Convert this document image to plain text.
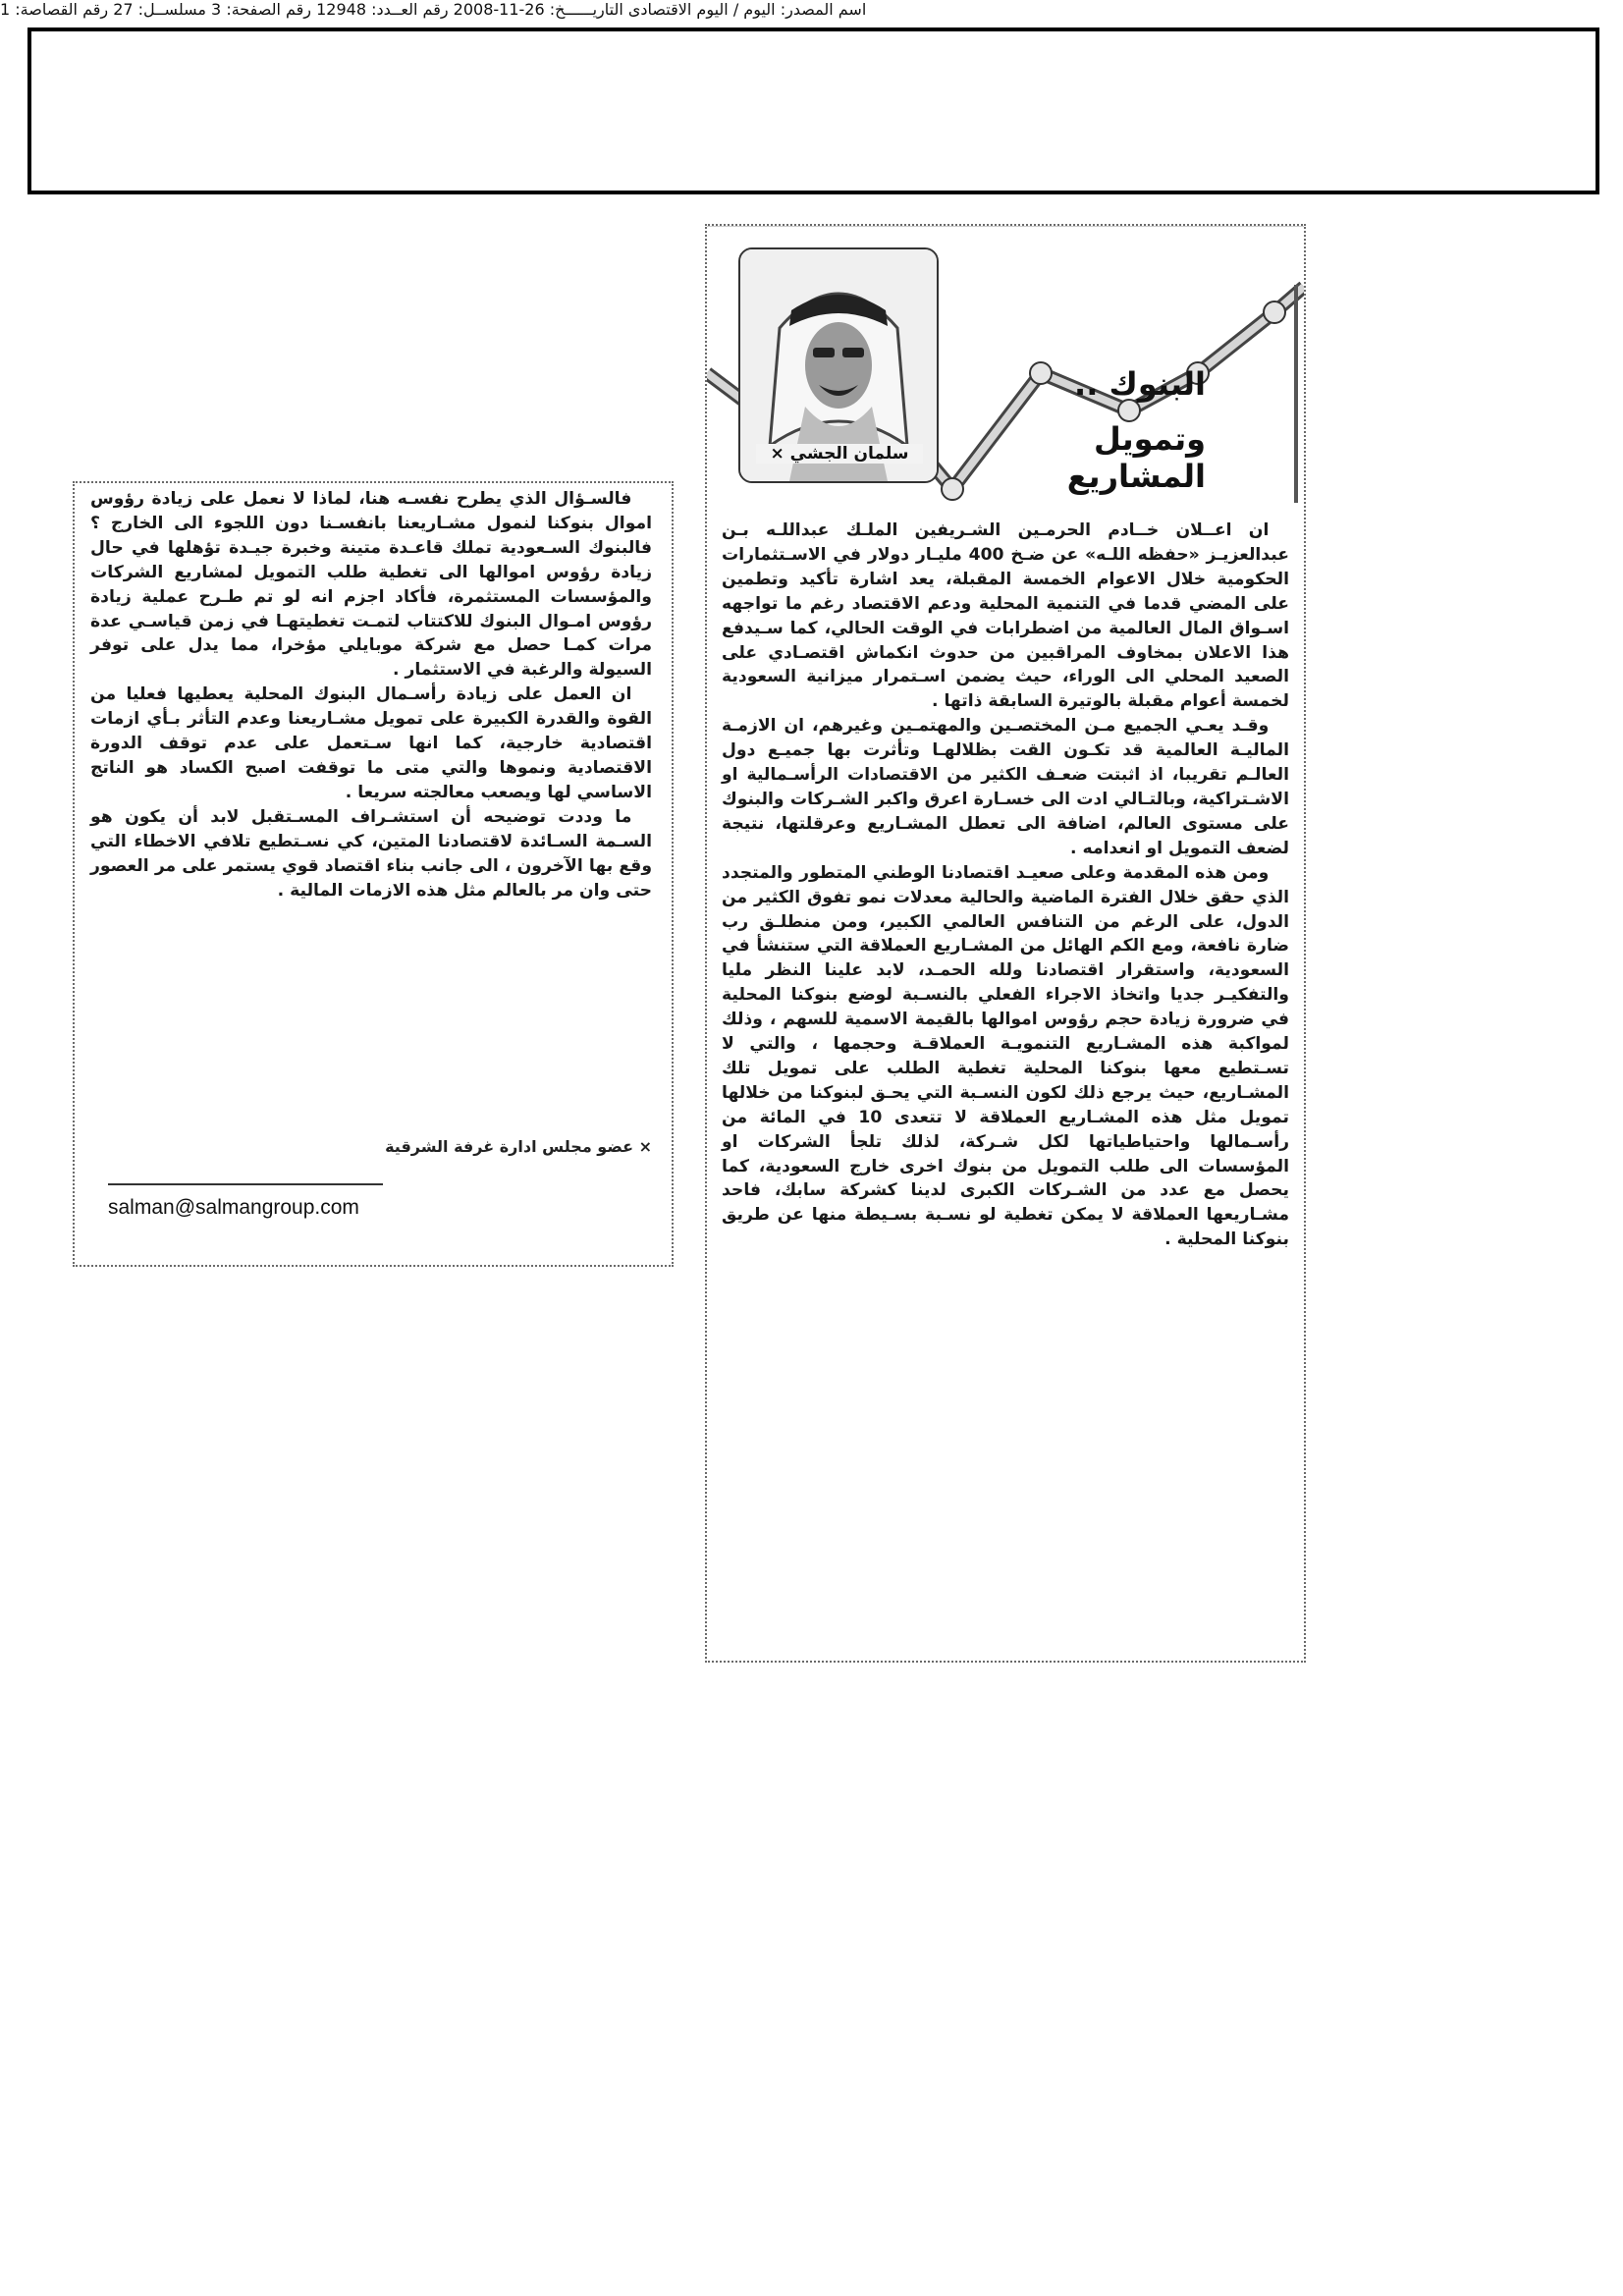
اسم المصدر: اليوم / اليوم الاقتصادى التاريــــــخ: 26-11-2008 رقم العــدد: 12948 رقم الصفحة: 3 مسلســل: 27 رقم القصاصة: 1
سلمان الجشي ×
البنوك ..
وتمويل المشاريع

ان اعــلان خــادم الحرمـين الشـريفين الملـك عبداللـه بـن عبدالعزيـز «حفظه اللـه» عن ضـخ 400 مليـار دولار في الاسـتثمارات الحكومية خلال الاعوام الخمسة المقبلة، يعد اشارة تأكيد وتطمين على المضي قدما في التنمية المحلية ودعم الاقتصاد رغم ما تواجهه اسـواق المال العالمية من اضطرابات في الوقت الحالي، كما سـيدفع هذا الاعلان بمخاوف المراقبين من حدوث انكماش اقتصـادي على الصعيد المحلي الى الوراء، حيث يضمن اسـتمرار ميزانية السعودية لخمسة أعوام مقبلة بالوتيرة السابقة ذاتها .

وقـد يعـي الجميع مـن المختصـين والمهتمـين وغيرهم، ان الازمـة الماليـة العالمية قد تكـون القت بظلالهـا وتأثرت بها جميـع دول العالـم تقريبا، اذ اثبتت ضعـف الكثير من الاقتصادات الرأسـمالية او الاشـتراكية، وبالتـالي ادت الى خسـارة اعرق واكبر الشـركات والبنوك على مستوى العالم، اضافة الى تعطل المشـاريع وعرقلتها، نتيجة لضعف التمويل او انعدامه .

ومن هذه المقدمة وعلى صعيـد اقتصادنا الوطني المتطور والمتجدد الذي حقق خلال الفترة الماضية والحالية معدلات نمو تفوق الكثير من الدول، على الرغم من التنافس العالمي الكبير، ومن منطلـق رب ضارة نافعة، ومع الكم الهائل من المشـاريع العملاقة التي ستنشأ في السعودية، واستقرار اقتصادنا ولله الحمـد، لابد علينا النظر مليا والتفكيـر جديا واتخاذ الاجراء الفعلي بالنسـبة لوضع بنوكنا المحلية في ضرورة زيادة حجم رؤوس اموالها بالقيمة الاسمية للسهم ، وذلك لمواكبة هذه المشـاريع التنمويـة العملاقـة وحجمها ، والتي لا تسـتطيع معها بنوكنا المحلية تغطية الطلب على تمويل تلك المشـاريع، حيث يرجع ذلك لكون النسـبة التي يحـق لبنوكنا من خلالها تمويل مثل هذه المشـاريع العملاقة لا تتعدى 10 في المائة من رأسـمالها واحتياطياتها لكل شـركة، لذلك تلجأ الشركات او المؤسسات الى طلب التمويل من بنوك اخرى خارج السعودية، كما يحصل مع عدد من الشـركات الكبرى لدينا كشركة سابك، فاحد مشـاريعها العملاقة لا يمكن تغطية لو نسـبة بسـيطة منها عن طريق بنوكنا المحلية .

فالسـؤال الذي يطرح نفسـه هنا، لماذا لا نعمل على زيادة رؤوس اموال بنوكنا لنمول مشـاريعنا بانفسـنا دون اللجوء الى الخارج ؟ فالبنوك السـعودية تملك قاعـدة متينة وخبرة جيـدة تؤهلها في حال زيادة رؤوس اموالها الى تغطية طلب التمويل لمشاريع الشركات والمؤسسات المستثمرة، فأكاد اجزم انه لو تم طـرح عملية زيادة رؤوس امـوال البنوك للاكتتاب لتمـت تغطيتهـا في زمن قياسـي عدة مرات كمـا حصل مع شركة موبايلي مؤخرا، مما يدل على توفر السيولة والرغبة في الاستثمار .

ان العمل على زيادة رأسـمال البنوك المحلية يعطيها فعليا من القوة والقدرة الكبيرة على تمويل مشـاريعنا وعدم التأثر بـأي ازمات اقتصادية خارجية، كما انها سـتعمل على عدم توقف الدورة الاقتصادية ونموها والتي متى ما توقفت اصبح الكساد هو الناتج الاساسي لها ويصعب معالجته سريعا .

ما وددت توضيحه أن استشـراف المسـتقبل لابد أن يكون هو السـمة السـائدة لاقتصادنا المتين، كي نسـتطيع تلافي الاخطاء التي وقع بها الآخرون ، الى جانب بناء اقتصاد قوي يستمر على مر العصور حتى وان مر بالعالم مثل هذه الازمات المالية .

× عضو مجلس ادارة غرفة الشرقية
salman@salmangroup.com
